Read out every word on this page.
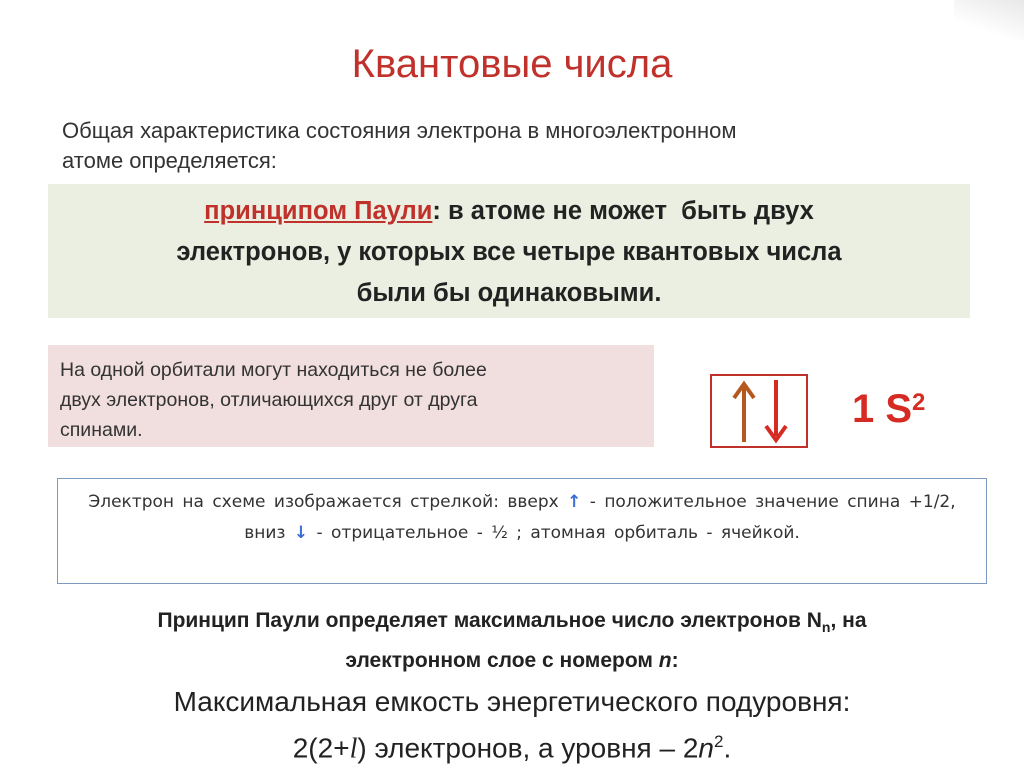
Квантовые числа
Общая характеристика состояния электрона в многоэлектронном
атоме определяется:
принципом Паули: в атоме не может  быть двух
электронов, у которых все четыре квантовых числа
были бы одинаковыми.
На одной орбитали могут находиться не более
двух электронов, отличающихся друг от друга
спинами.	1 $S^2$
Электрон на схеме изображается стрелкой: вверх ↑ - положительное значение спина +1/2, вниз ↓ - отрицательное - ½ ; атомная орбиталь - ячейкой.
Принцип Паули определяет максимальное число электронов $N_n$, на
электронном слое с номером n:
Максимальная емкость энергетического подуровня:
2(2+l) электронов, а уровня – $2n^2$.
